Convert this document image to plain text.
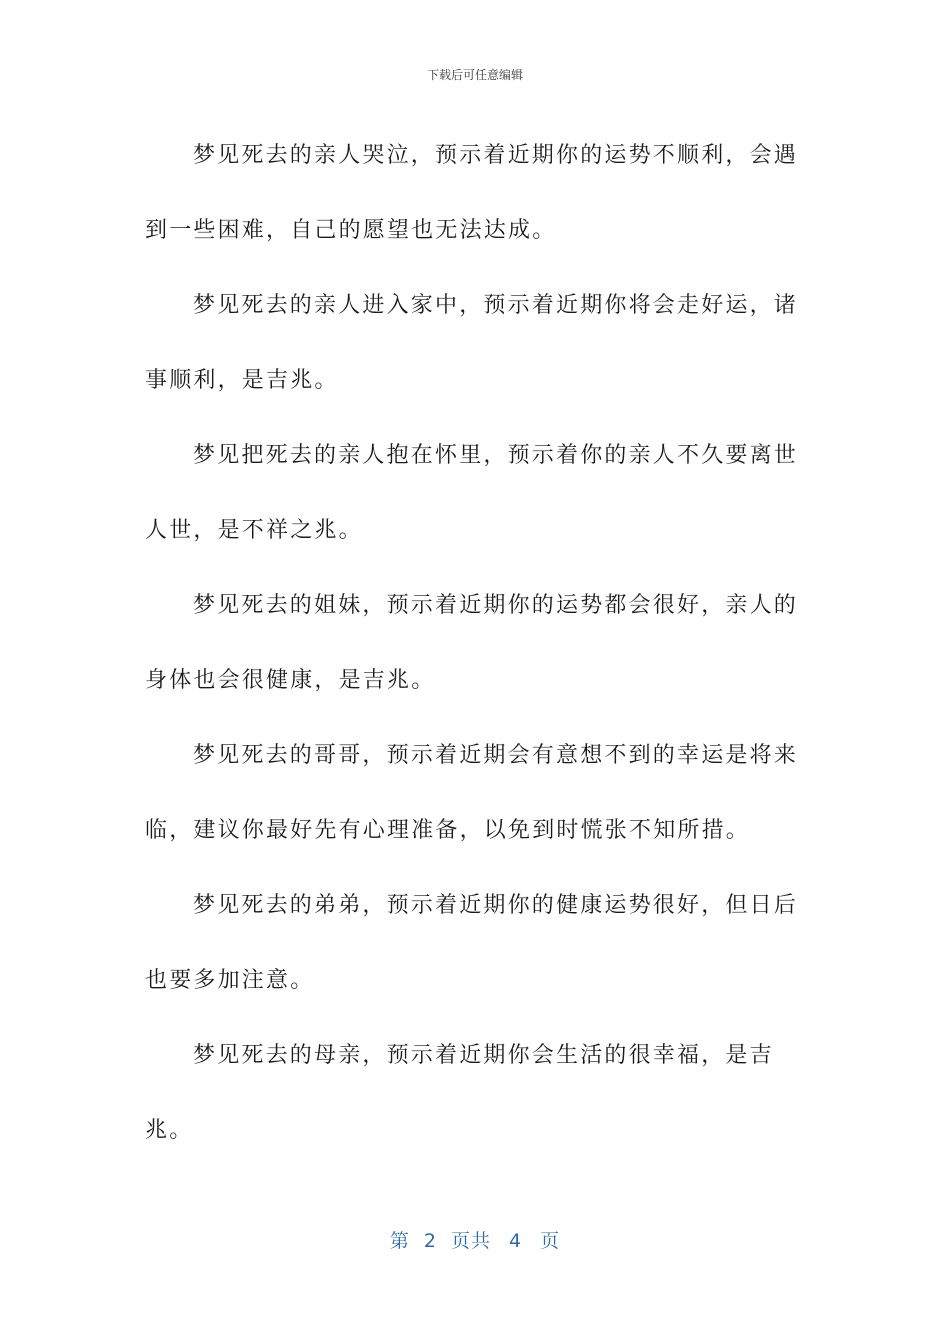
下载后可任意编辑

梦见死去的亲人哭泣，预示着近期你的运势不顺利，会遇到一些困难，自己的愿望也无法达成。

梦见死去的亲人进入家中，预示着近期你将会走好运，诸事顺利，是吉兆。

梦见把死去的亲人抱在怀里，预示着你的亲人不久要离世人世，是不祥之兆。

梦见死去的姐妹，预示着近期你的运势都会很好，亲人的身体也会很健康，是吉兆。

梦见死去的哥哥，预示着近期会有意想不到的幸运是将来临，建议你最好先有心理准备，以免到时慌张不知所措。

梦见死去的弟弟，预示着近期你的健康运势很好，但日后也要多加注意。

梦见死去的母亲，预示着近期你会生活的很幸福，是吉兆。

第 2 页共 4 页
